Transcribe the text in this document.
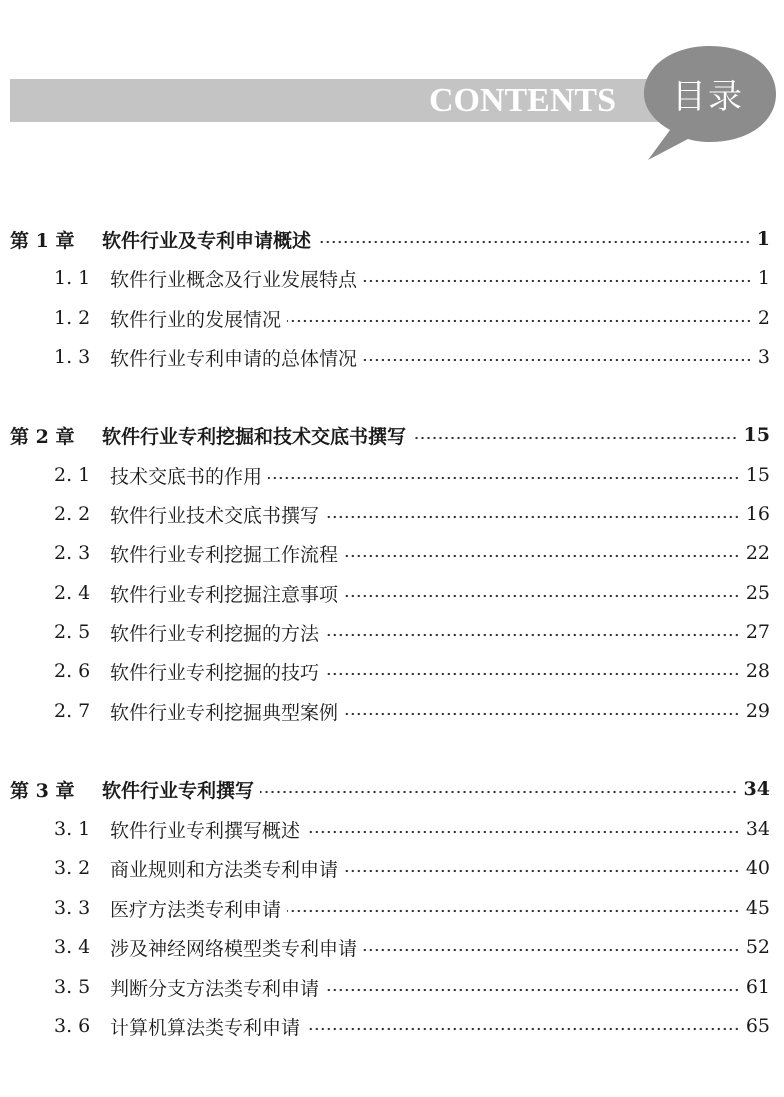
CONTENTS	目录
第 1 章	软件行业及专利申请概述	1
1. 1	软件行业概念及行业发展特点	1
1. 2	软件行业的发展情况	2
1. 3	软件行业专利申请的总体情况	3
第 2 章	软件行业专利挖掘和技术交底书撰写	15
2. 1	技术交底书的作用	15
2. 2	软件行业技术交底书撰写	16
2. 3	软件行业专利挖掘工作流程	22
2. 4	软件行业专利挖掘注意事项	25
2. 5	软件行业专利挖掘的方法	27
2. 6	软件行业专利挖掘的技巧	28
2. 7	软件行业专利挖掘典型案例	29
第 3 章	软件行业专利撰写	34
3. 1	软件行业专利撰写概述	34
3. 2	商业规则和方法类专利申请	40
3. 3	医疗方法类专利申请	45
3. 4	涉及神经网络模型类专利申请	52
3. 5	判断分支方法类专利申请	61
3. 6	计算机算法类专利申请	65
